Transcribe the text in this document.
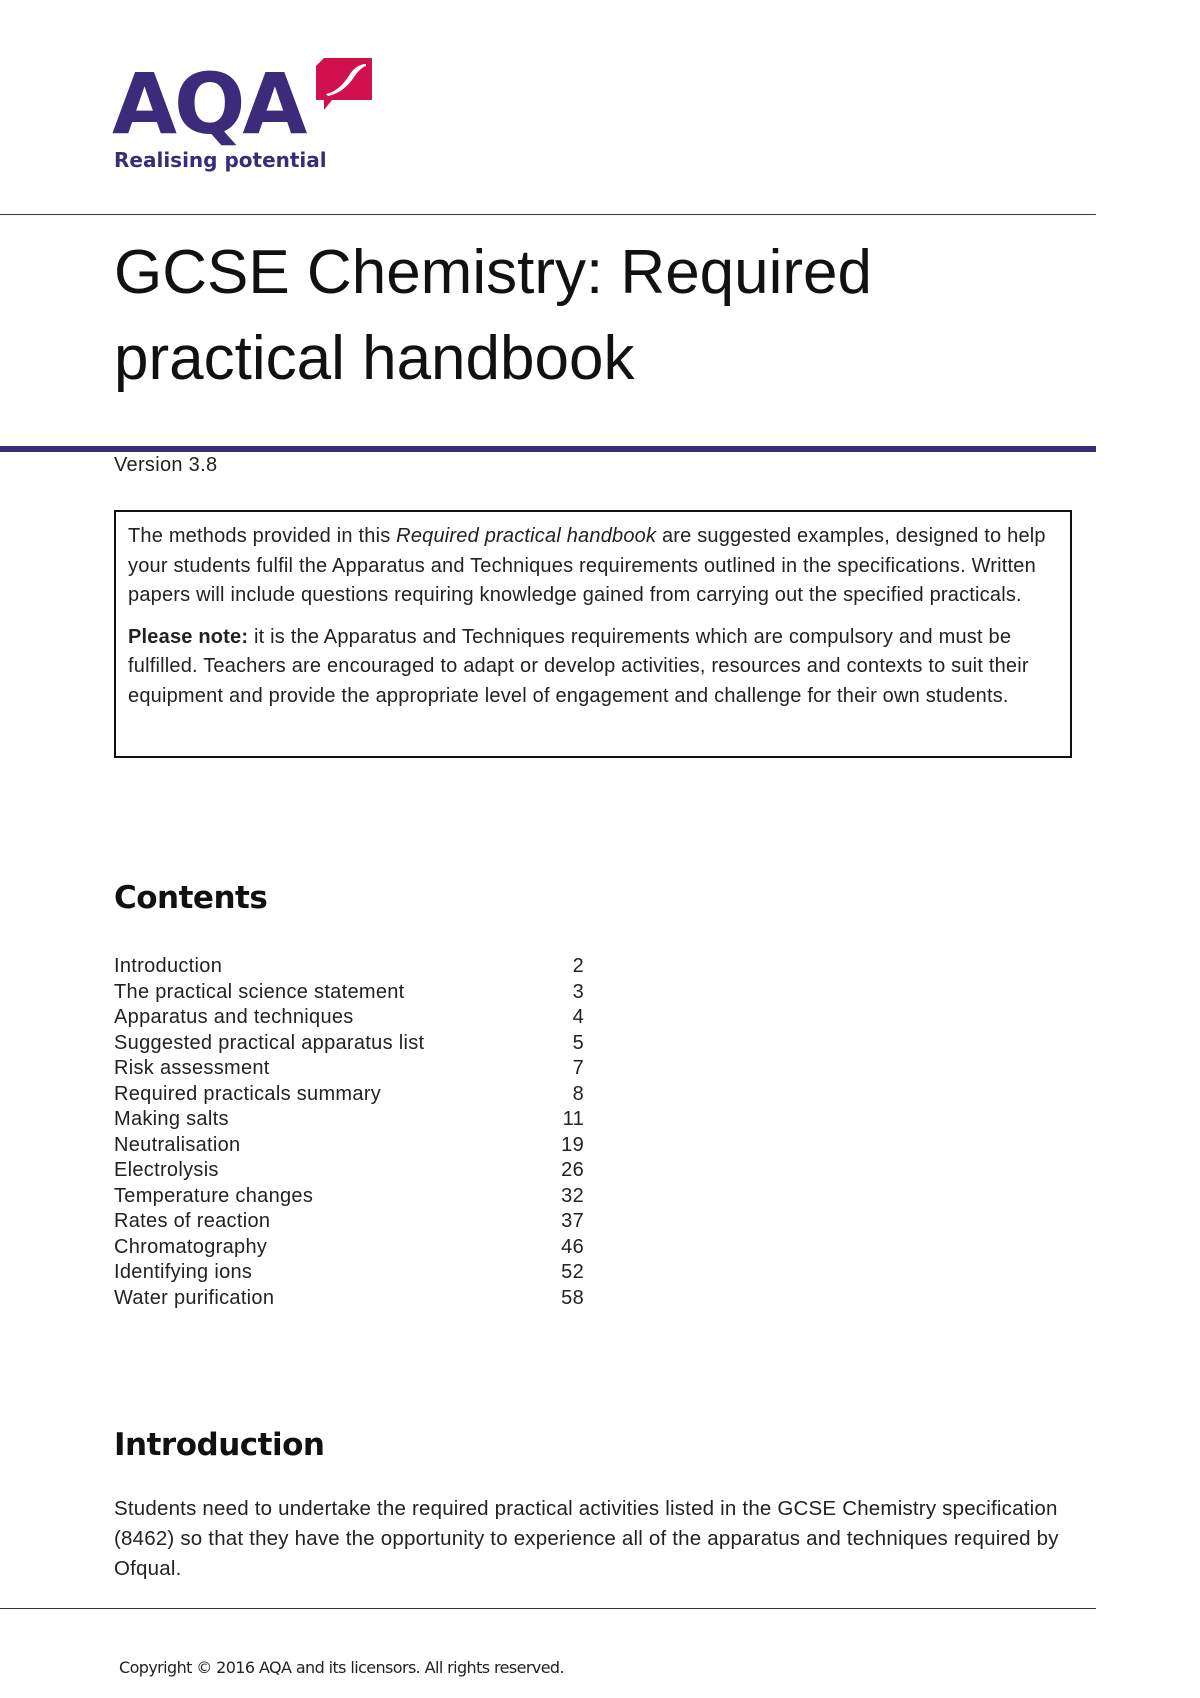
AQA
Realising potential
GCSE Chemistry: Required practical handbook
Version 3.8

The methods provided in this Required practical handbook are suggested examples, designed to help your students fulfil the Apparatus and Techniques requirements outlined in the specifications. Written papers will include questions requiring knowledge gained from carrying out the specified practicals.

Please note: it is the Apparatus and Techniques requirements which are compulsory and must be fulfilled. Teachers are encouraged to adapt or develop activities, resources and contexts to suit their equipment and provide the appropriate level of engagement and challenge for their own students.

Contents
Introduction	2
The practical science statement	3
Apparatus and techniques	4
Suggested practical apparatus list	5
Risk assessment	7
Required practicals summary	8
Making salts	11
Neutralisation	19
Electrolysis	26
Temperature changes	32
Rates of reaction	37
Chromatography	46
Identifying ions	52
Water purification	58
Introduction

Students need to undertake the required practical activities listed in the GCSE Chemistry specification (8462) so that they have the opportunity to experience all of the apparatus and techniques required by Ofqual.

Copyright © 2016 AQA and its licensors. All rights reserved.
